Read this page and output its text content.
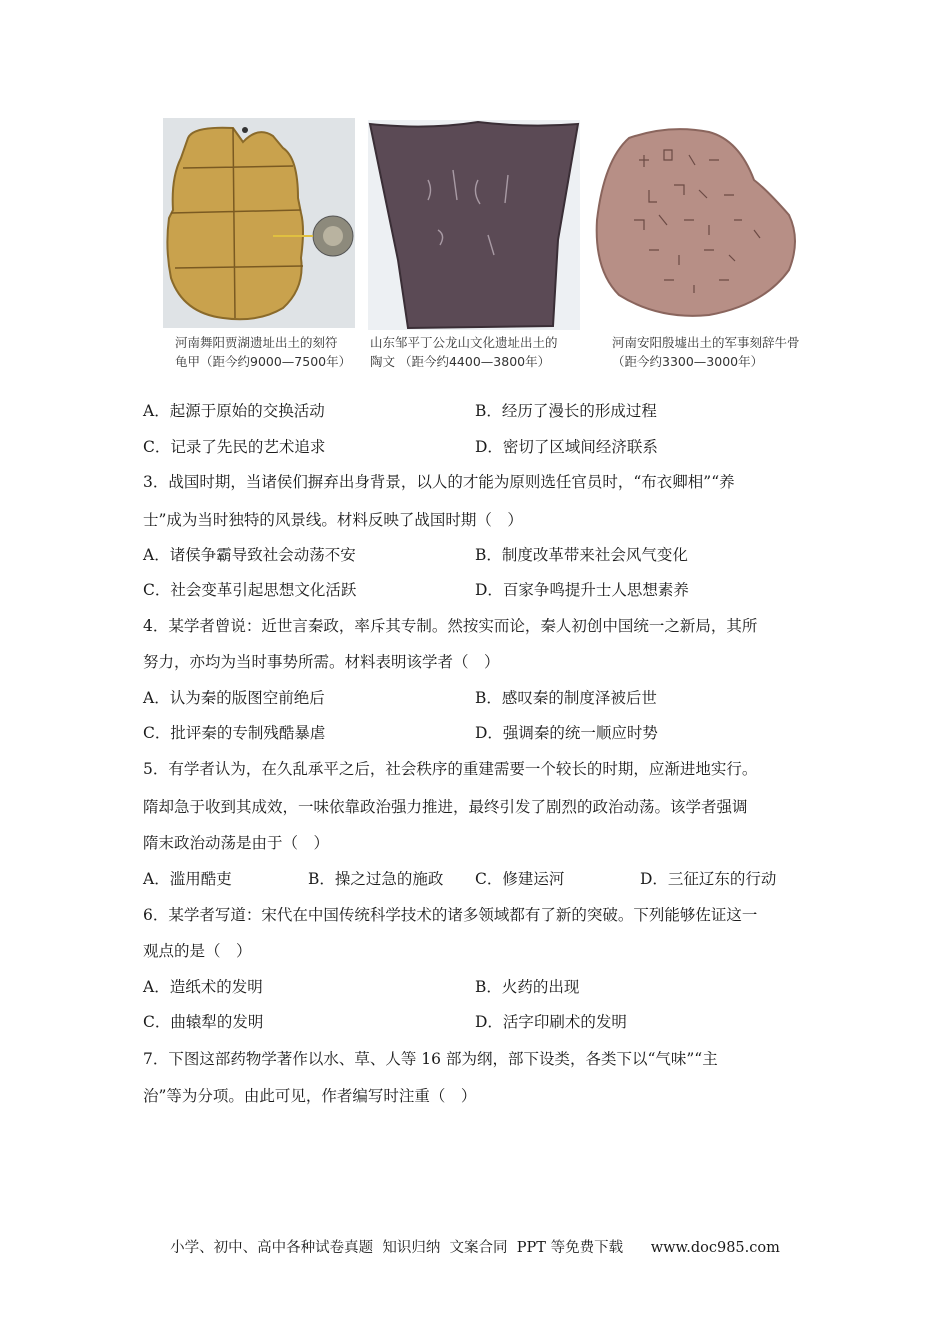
河南舞阳贾湖遗址出土的刻符
龟甲（距今约9000—7500年）
山东邹平丁公龙山文化遗址出土的
陶文 （距今约4400—3800年）
河南安阳殷墟出土的军事刻辞牛骨
（距今约3300—3000年）
A．起源于原始的交换活动	B．经历了漫长的形成过程
C．记录了先民的艺术追求	D．密切了区域间经济联系
3．战国时期，当诸侯们摒弃出身背景，以人的才能为原则选任官员时，“布衣卿相”“养
士”成为当时独特的风景线。材料反映了战国时期（　）
A．诸侯争霸导致社会动荡不安	B．制度改革带来社会风气变化
C．社会变革引起思想文化活跃	D．百家争鸣提升士人思想素养
4．某学者曾说：近世言秦政，率斥其专制。然按实而论，秦人初创中国统一之新局，其所
努力，亦均为当时事势所需。材料表明该学者（　）
A．认为秦的版图空前绝后	B．感叹秦的制度泽被后世
C．批评秦的专制残酷暴虐	D．强调秦的统一顺应时势
5．有学者认为，在久乱承平之后，社会秩序的重建需要一个较长的时期，应渐进地实行。
隋却急于收到其成效，一味依靠政治强力推进，最终引发了剧烈的政治动荡。该学者强调
隋末政治动荡是由于（　）
A．滥用酷吏	B．操之过急的施政 C．修建运河	D．三征辽东的行动
6．某学者写道：宋代在中国传统科学技术的诸多领域都有了新的突破。下列能够佐证这一
观点的是（　）
A．造纸术的发明	B．火药的出现
C．曲辕犁的发明	D．活字印刷术的发明
7．下图这部药物学著作以水、草、人等 16 部为纲，部下设类，各类下以“气味”“主
治”等为分项。由此可见，作者编写时注重（　）
小学、初中、高中各种试卷真题  知识归纳  文案合同  PPT 等免费下载      www.doc985.com
